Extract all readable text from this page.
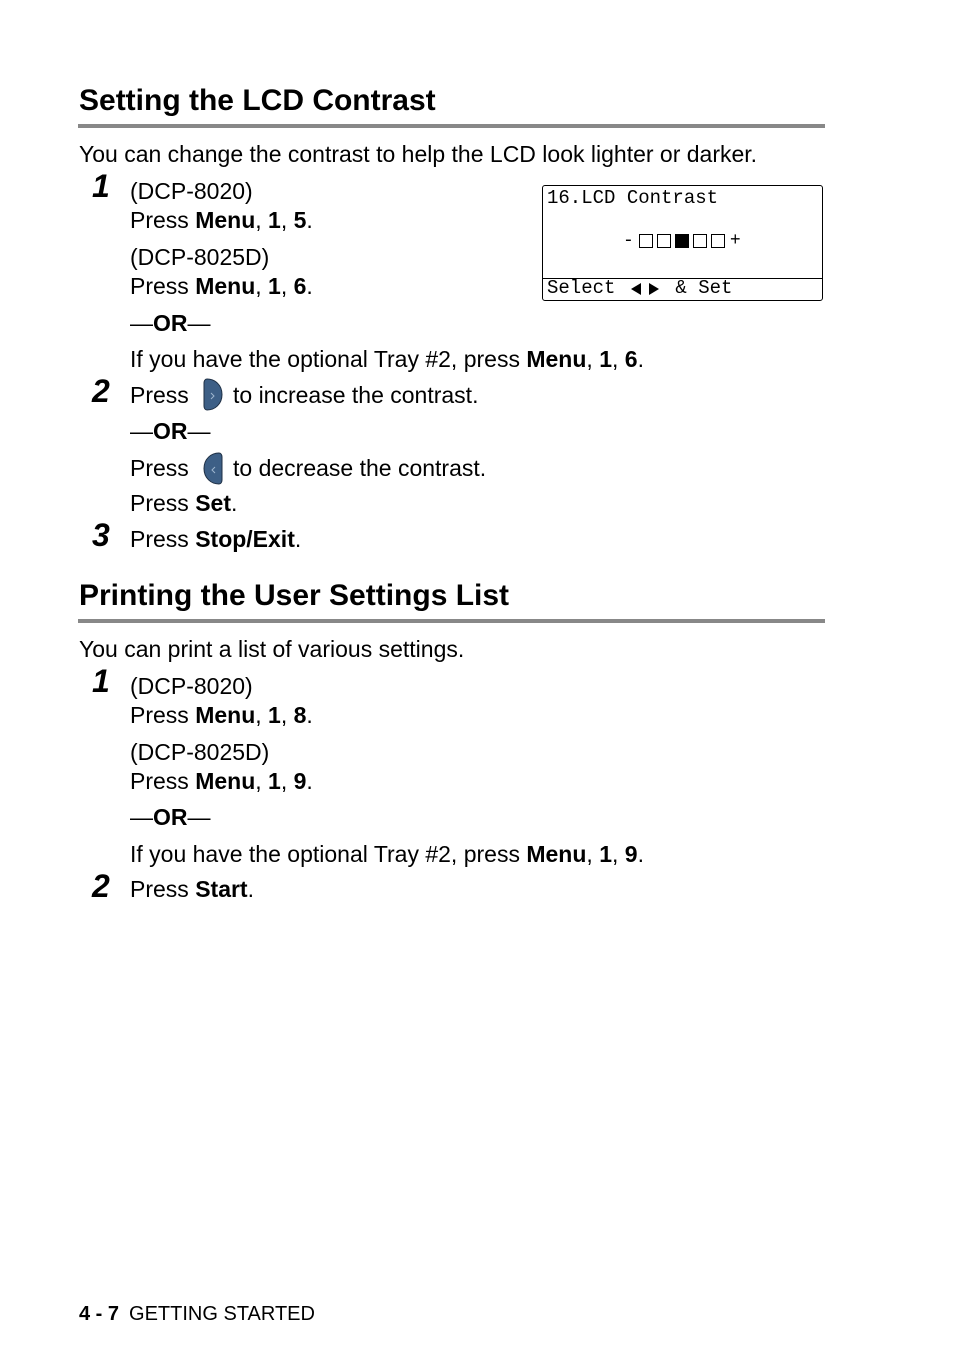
Setting the LCD Contrast
You can change the contrast to help the LCD look lighter or darker.
1 (DCP-8020)
Press Menu, 1, 5.
(DCP-8025D)
Press Menu, 1, 6.
—OR—
If you have the optional Tray #2, press Menu, 1, 6.
16.LCD Contrast
-	+
Select	& Set
2 Press to increase the contrast.
—OR—
Press to decrease the contrast.
Press Set.
3 Press Stop/Exit.
Printing the User Settings List
You can print a list of various settings.
1 (DCP-8020)
Press Menu, 1, 8.
(DCP-8025D)
Press Menu, 1, 9.
—OR—
If you have the optional Tray #2, press Menu, 1, 9.
2 Press Start.
4 - 7 GETTING STARTED
